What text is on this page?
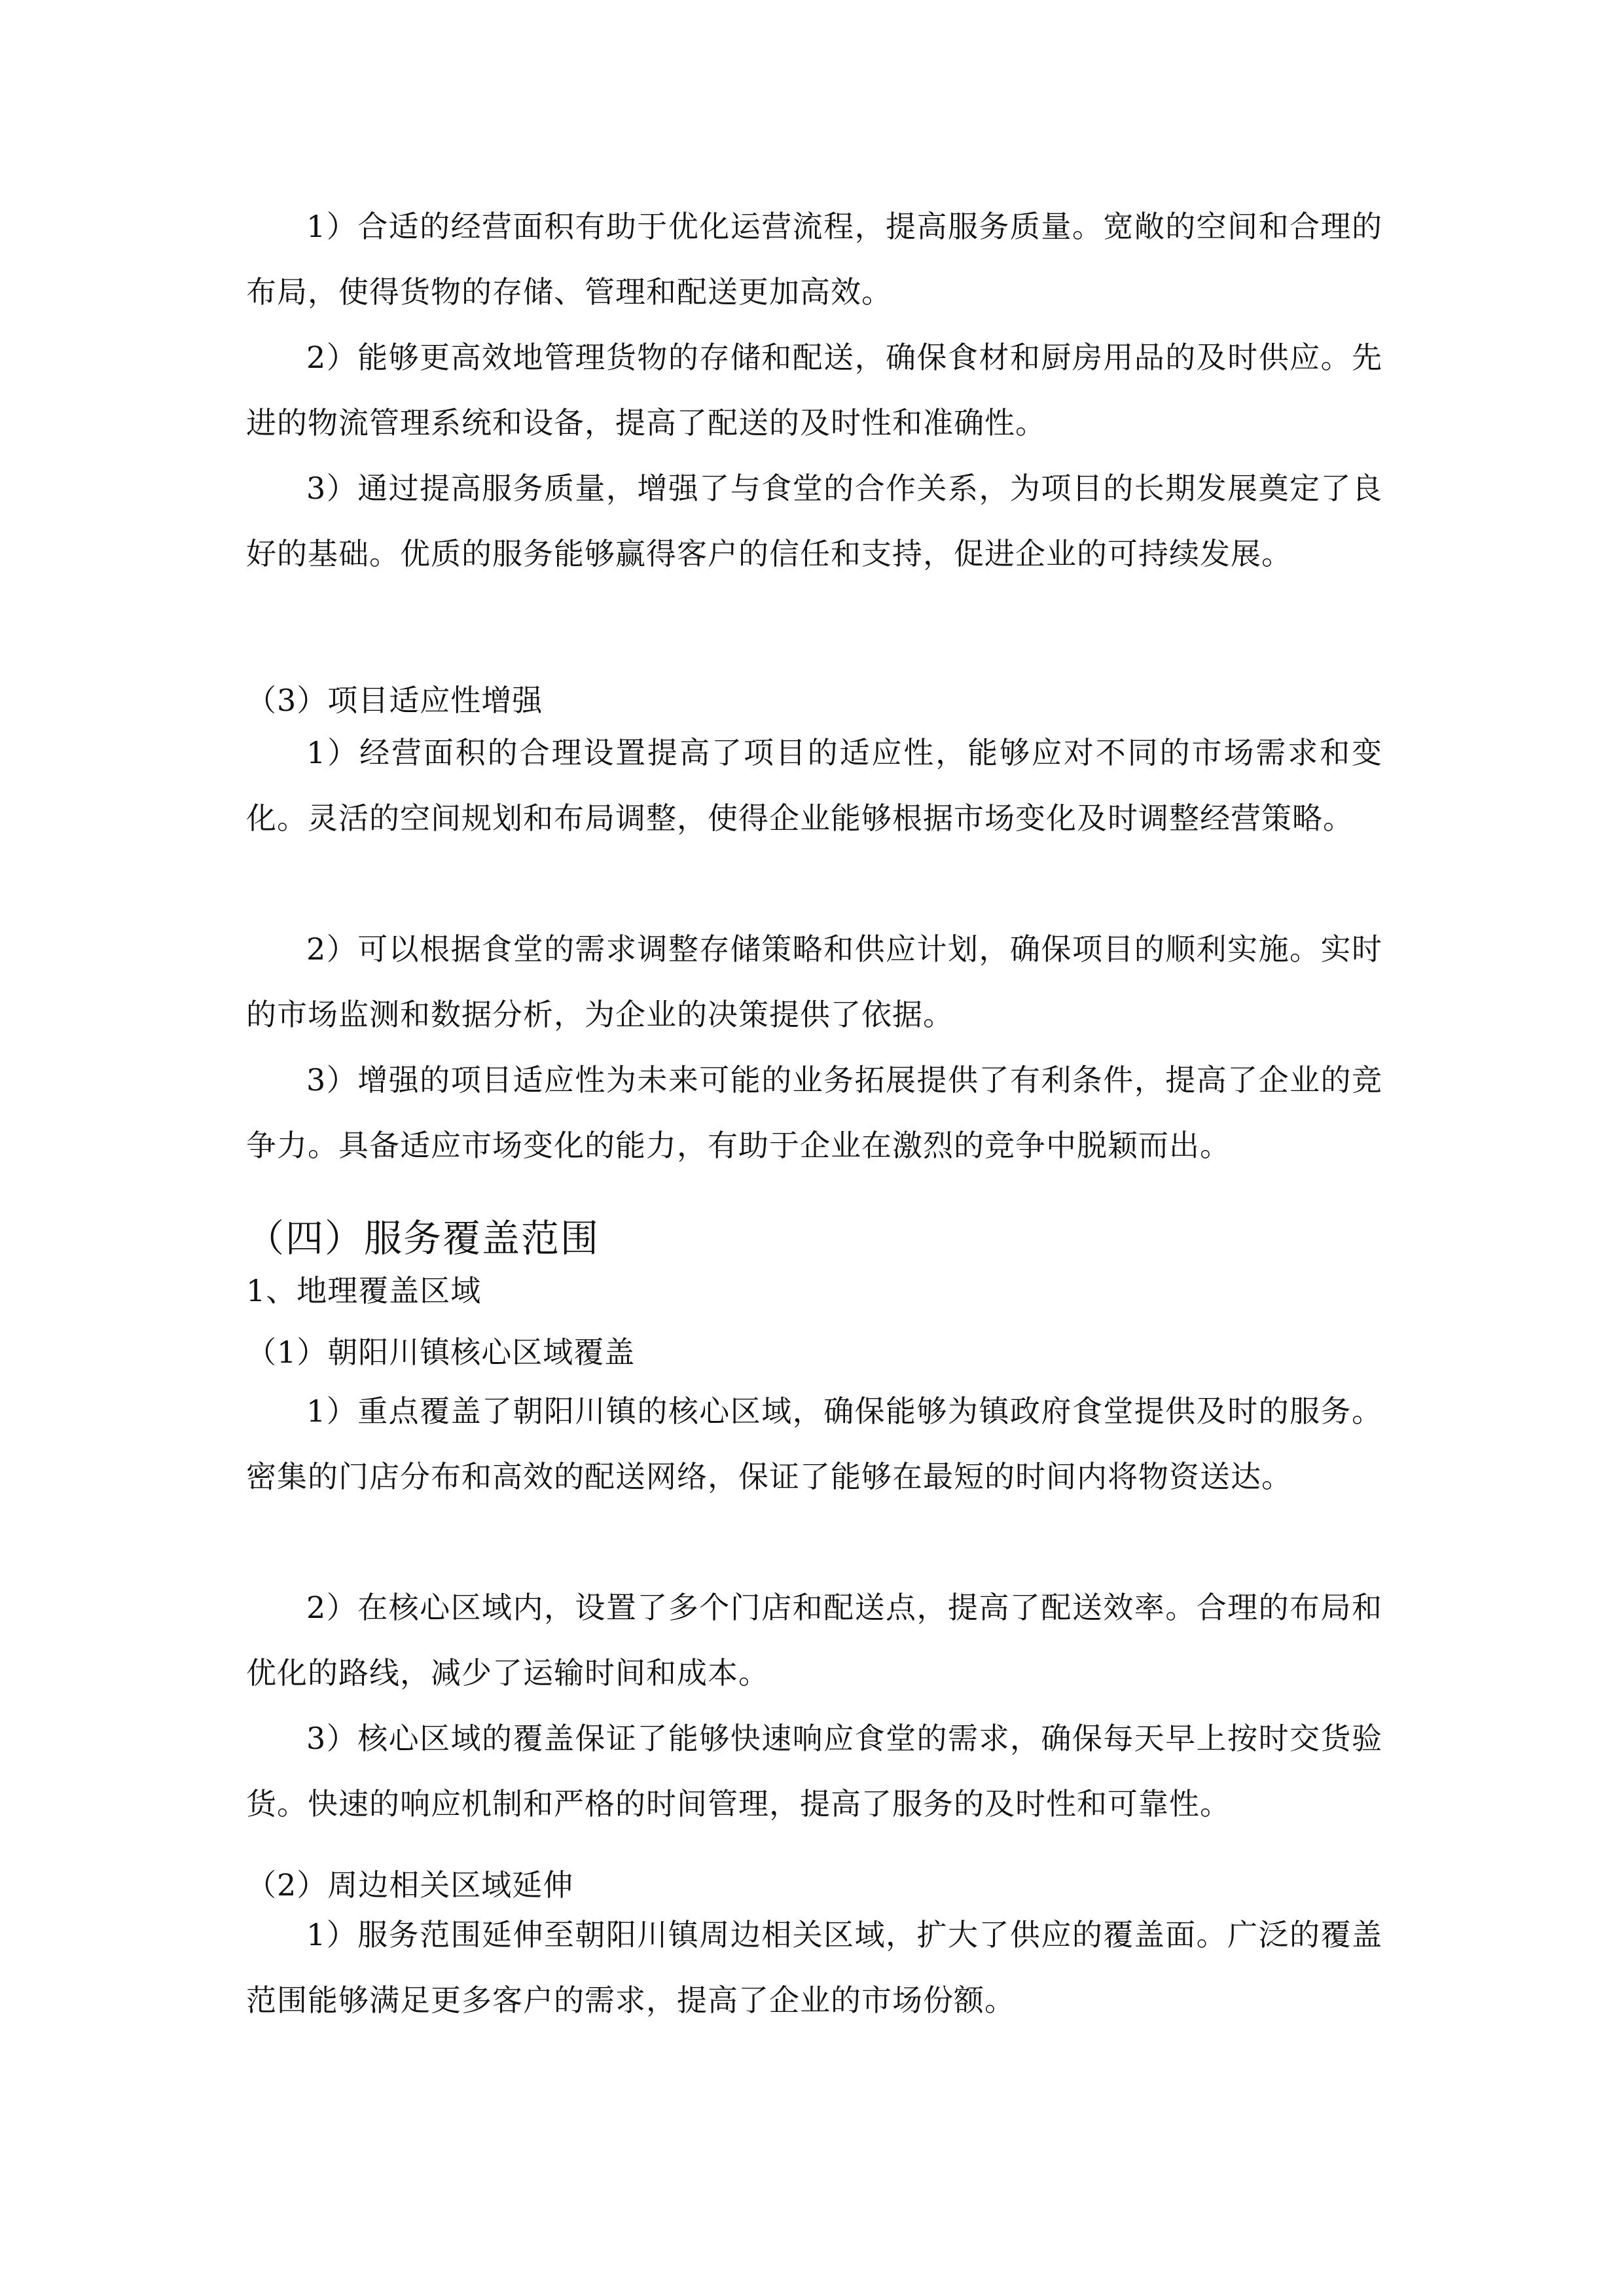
1）合适的经营面积有助于优化运营流程，提高服务质量。宽敞的空间和合理的布局，使得货物的存储、管理和配送更加高效。

2）能够更高效地管理货物的存储和配送，确保食材和厨房用品的及时供应。先进的物流管理系统和设备，提高了配送的及时性和准确性。

3）通过提高服务质量，增强了与食堂的合作关系，为项目的长期发展奠定了良好的基础。优质的服务能够赢得客户的信任和支持，促进企业的可持续发展。

（3）项目适应性增强

1）经营面积的合理设置提高了项目的适应性，能够应对不同的市场需求和变化。灵活的空间规划和布局调整，使得企业能够根据市场变化及时调整经营策略。

2）可以根据食堂的需求调整存储策略和供应计划，确保项目的顺利实施。实时的市场监测和数据分析，为企业的决策提供了依据。

3）增强的项目适应性为未来可能的业务拓展提供了有利条件，提高了企业的竞争力。具备适应市场变化的能力，有助于企业在激烈的竞争中脱颖而出。

（四）服务覆盖范围

1、地理覆盖区域

（1）朝阳川镇核心区域覆盖

1）重点覆盖了朝阳川镇的核心区域，确保能够为镇政府食堂提供及时的服务。密集的门店分布和高效的配送网络，保证了能够在最短的时间内将物资送达。

2）在核心区域内，设置了多个门店和配送点，提高了配送效率。合理的布局和优化的路线，减少了运输时间和成本。

3）核心区域的覆盖保证了能够快速响应食堂的需求，确保每天早上按时交货验货。快速的响应机制和严格的时间管理，提高了服务的及时性和可靠性。

（2）周边相关区域延伸

1）服务范围延伸至朝阳川镇周边相关区域，扩大了供应的覆盖面。广泛的覆盖范围能够满足更多客户的需求，提高了企业的市场份额。
